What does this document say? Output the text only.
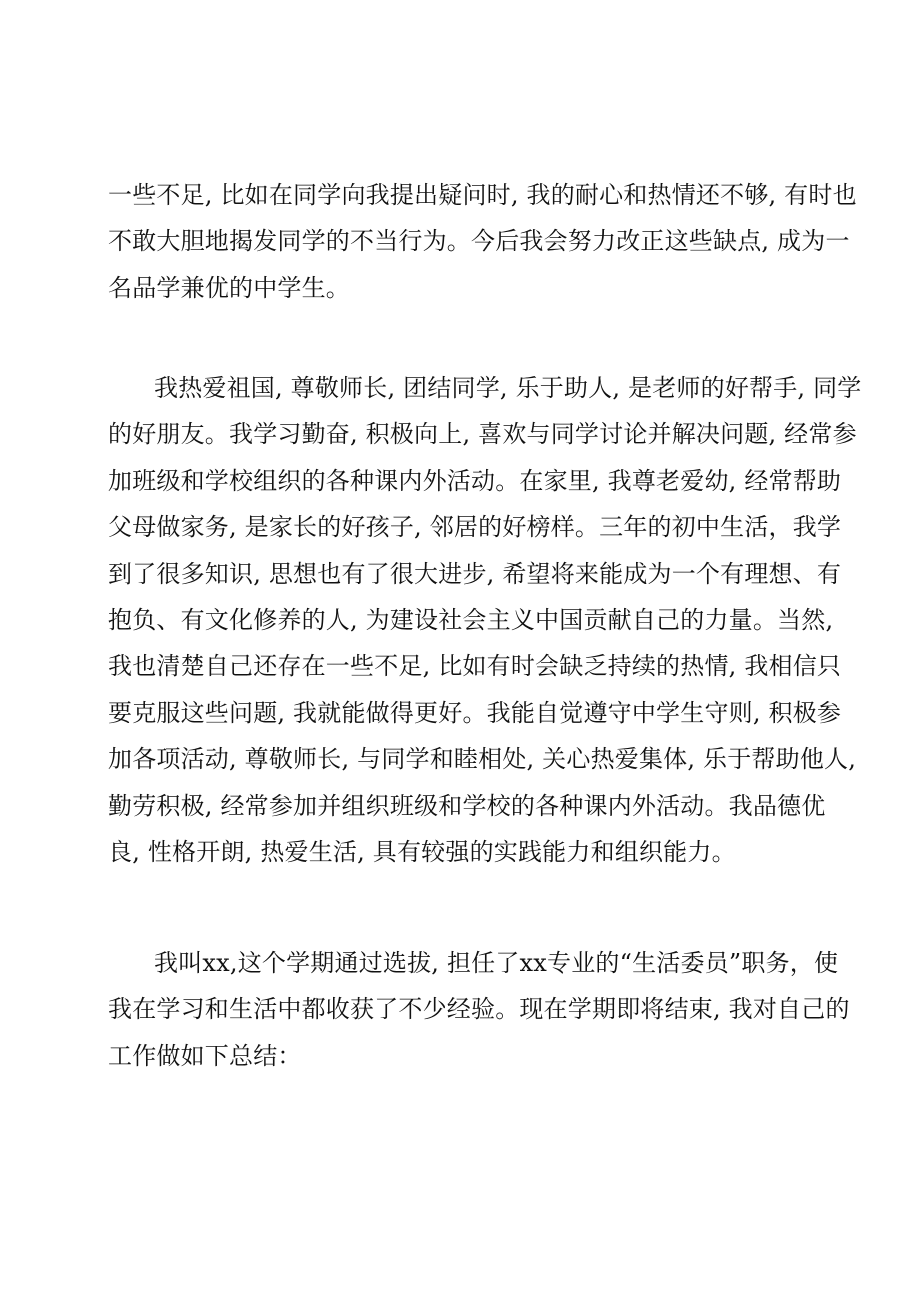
一些不足, 比如在同学向我提出疑问时, 我的耐心和热情还不够, 有时也
不敢大胆地揭发同学的不当行为。今后我会努力改正这些缺点, 成为一
名品学兼优的中学生。
我热爱祖国, 尊敬师长, 团结同学, 乐于助人, 是老师的好帮手, 同学
的好朋友。我学习勤奋, 积极向上, 喜欢与同学讨论并解决问题, 经常参
加班级和学校组织的各种课内外活动。在家里, 我尊老爱幼, 经常帮助
父母做家务, 是家长的好孩子, 邻居的好榜样。三年的初中生活，我学
到了很多知识, 思想也有了很大进步, 希望将来能成为一个有理想、有
抱负、有文化修养的人, 为建设社会主义中国贡献自己的力量。当然,
我也清楚自己还存在一些不足, 比如有时会缺乏持续的热情, 我相信只
要克服这些问题, 我就能做得更好。我能自觉遵守中学生守则, 积极参
加各项活动, 尊敬师长, 与同学和睦相处, 关心热爱集体, 乐于帮助他人,
勤劳积极, 经常参加并组织班级和学校的各种课内外活动。我品德优
良, 性格开朗, 热爱生活, 具有较强的实践能力和组织能力。
我叫xx,这个学期通过选拔, 担任了xx专业的“生活委员”职务，使
我在学习和生活中都收获了不少经验。现在学期即将结束, 我对自己的
工作做如下总结：
